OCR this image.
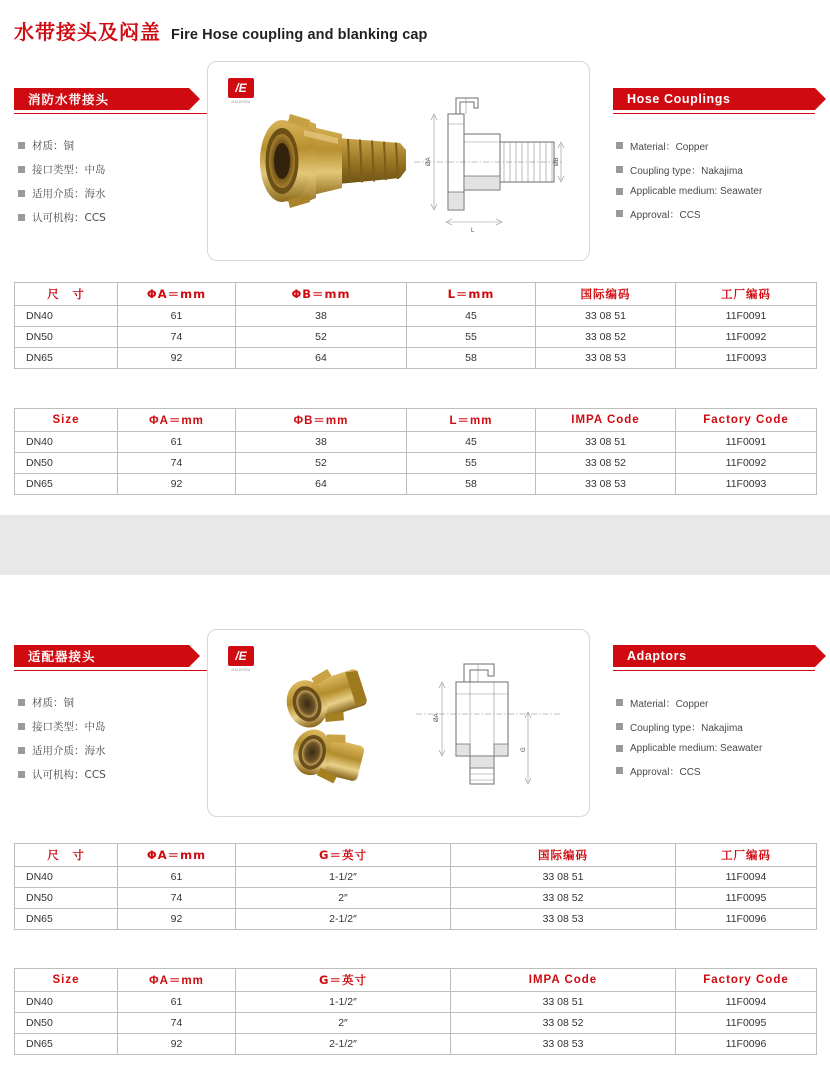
水带接头及闷盖 Fire Hose coupling and blanking cap
消防水带接头
材质：铜
接口类型：中岛
适用介质：海水
认可机构：CCS
Hose Couplings
Material：Copper
Coupling type：Nakajima
Applicable medium: Seawater
Approval：CCS
/E
HAIZHOU
ØA	ØB
L
尺　寸	ΦA＝mm	ΦB＝mm	L＝mm	国际编码	工厂编码
DN40	61	38	45	33 08 51	11F0091
DN50	74	52	55	33 08 52	11F0092
DN65	92	64	58	33 08 53	11F0093
Size	ΦA＝mm	ΦB＝mm	L＝mm	IMPA Code	Factory Code
DN40	61	38	45	33 08 51	11F0091
DN50	74	52	55	33 08 52	11F0092
DN65	92	64	58	33 08 53	11F0093
适配器接头
材质：铜
接口类型：中岛
适用介质：海水
认可机构：CCS
Adaptors
Material：Copper
Coupling type：Nakajima
Applicable medium: Seawater
Approval：CCS
/E
HAIZHOU
ØA
G
尺　寸	ΦA＝mm	G＝英寸	国际编码	工厂编码
DN40	61	1-1/2″	33 08 51	11F0094
DN50	74	2″	33 08 52	11F0095
DN65	92	2-1/2″	33 08 53	11F0096
Size	ΦA＝mm	G＝英寸	IMPA Code	Factory Code
DN40	61	1-1/2″	33 08 51	11F0094
DN50	74	2″	33 08 52	11F0095
DN65	92	2-1/2″	33 08 53	11F0096
